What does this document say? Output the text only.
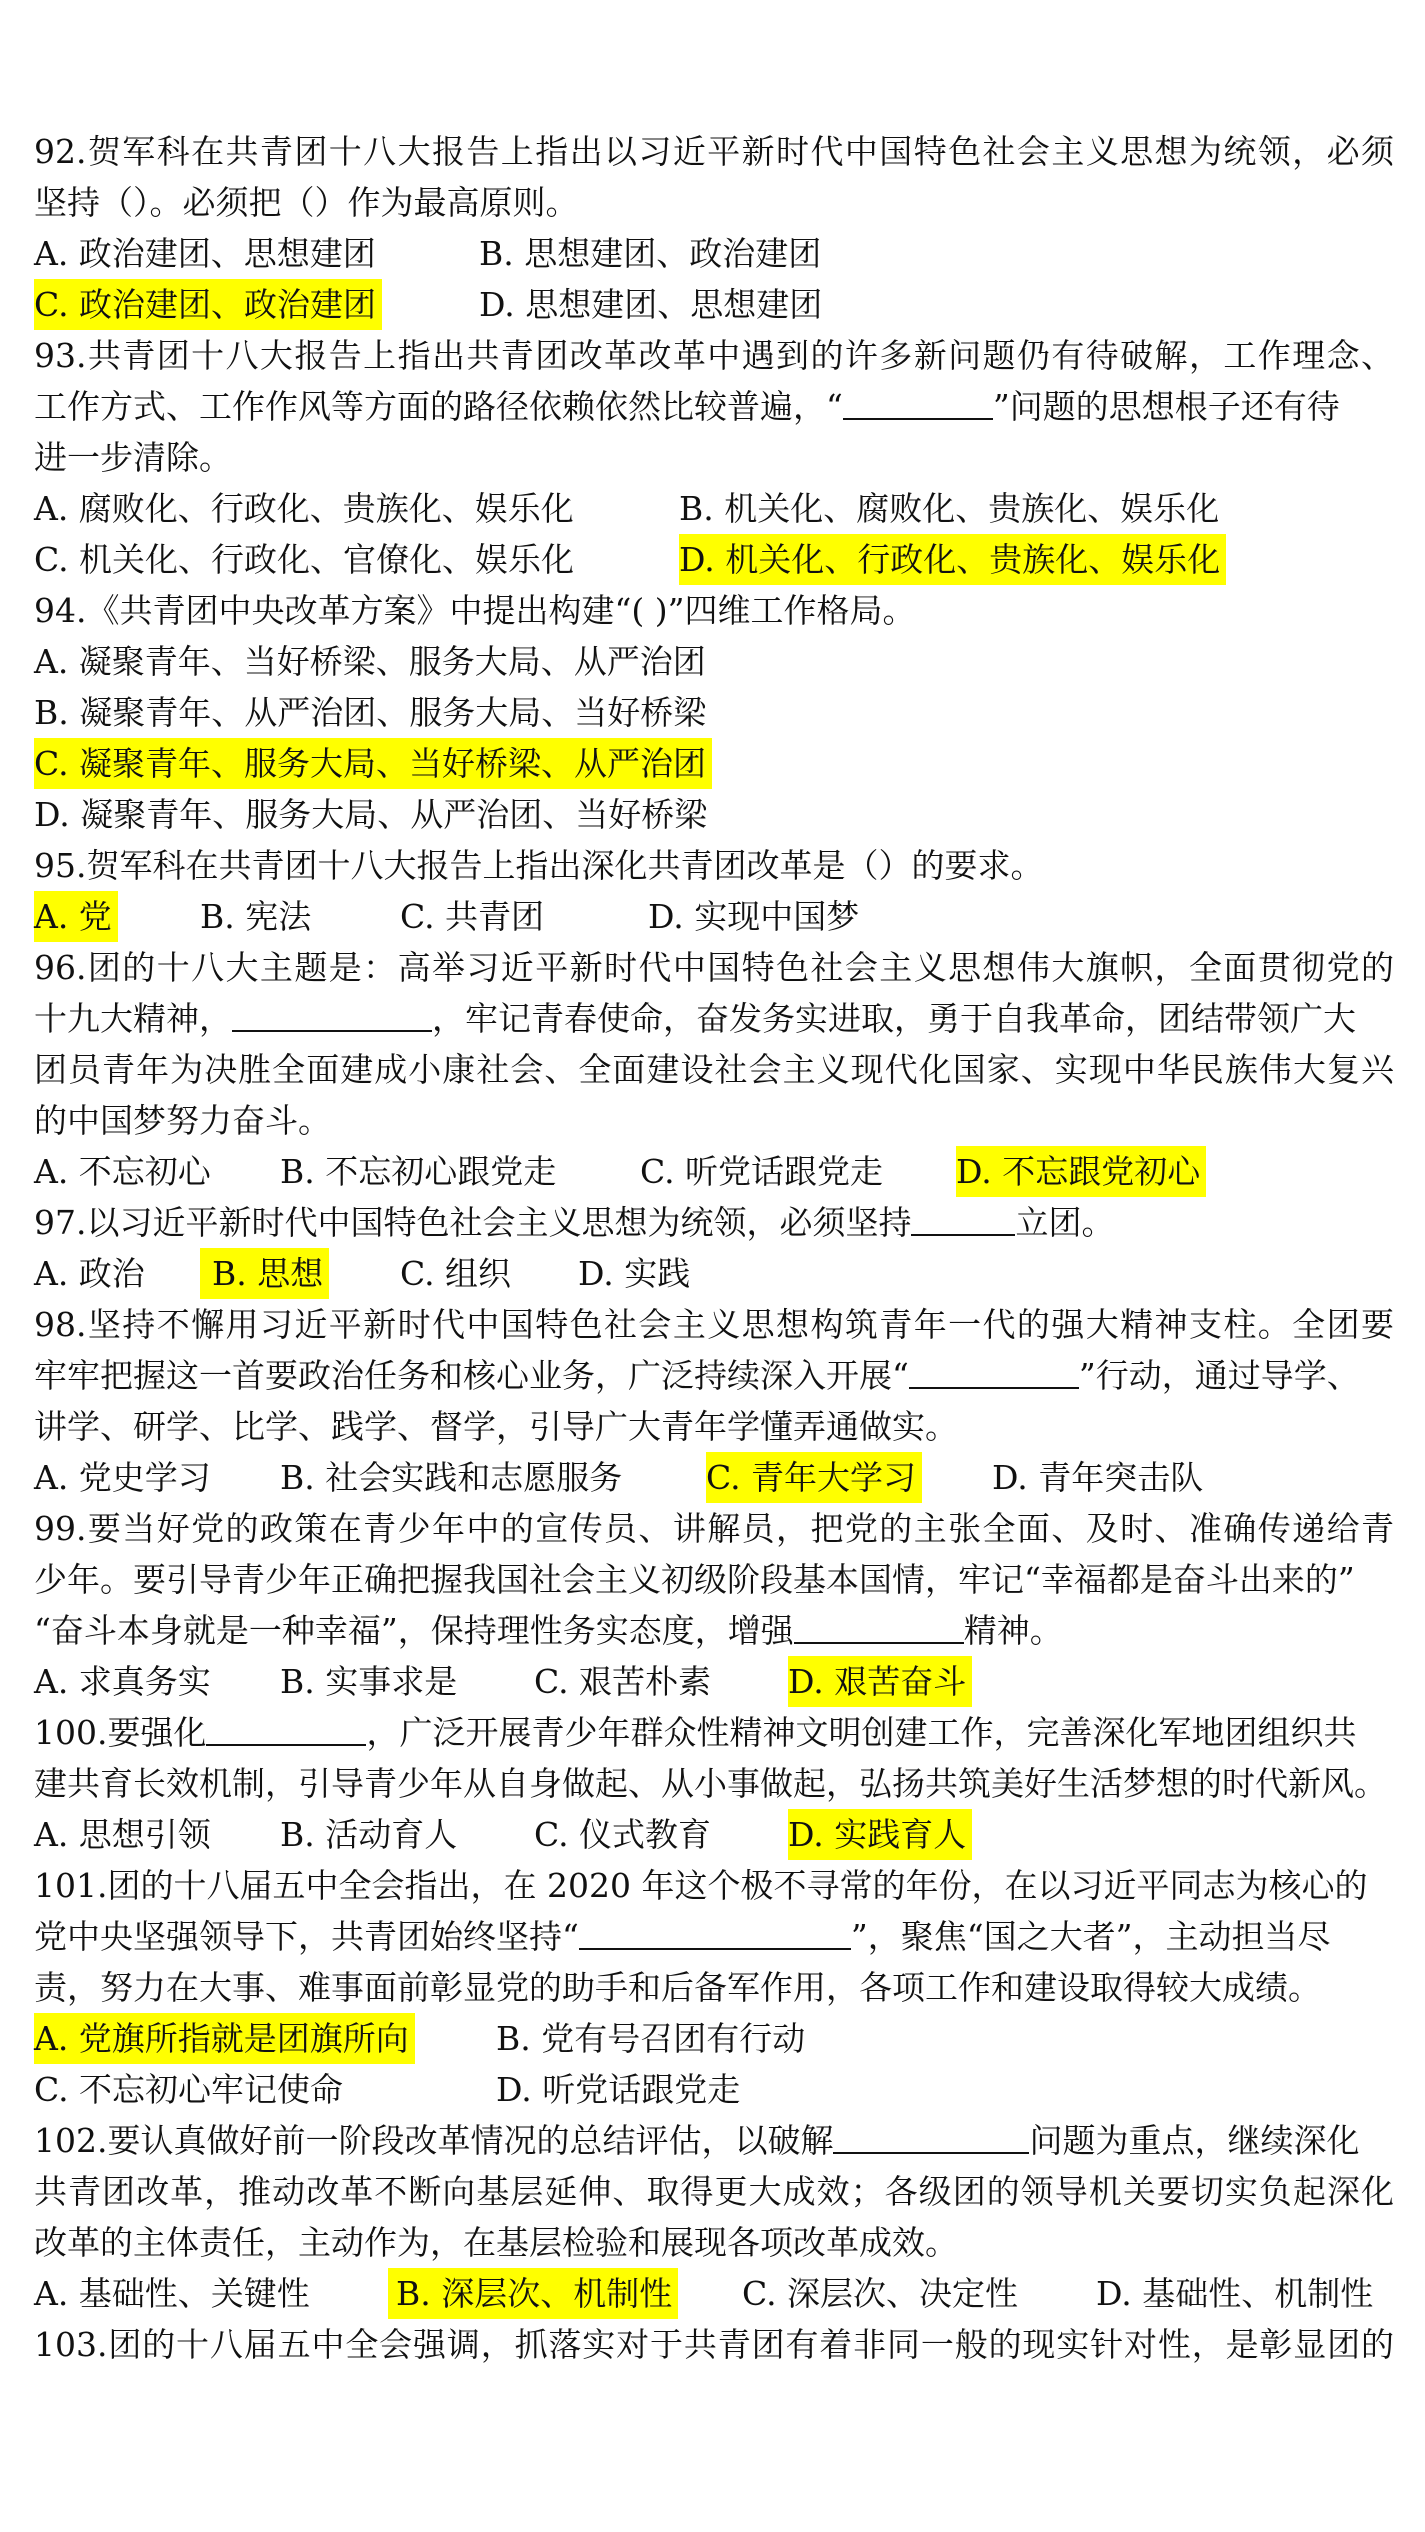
92.贺军科在共青团十八大报告上指出以习近平新时代中国特色社会主义思想为统领，必须
坚持（）。必须把（）作为最高原则。
A. 政治建团、思想建团	B. 思想建团、政治建团
C. 政治建团、政治建团	D. 思想建团、思想建团
93.共青团十八大报告上指出共青团改革改革中遇到的许多新问题仍有待破解，工作理念、
工作方式、工作作风等方面的路径依赖依然比较普遍，“	”问题的思想根子还有待
进一步清除。
A. 腐败化、行政化、贵族化、娱乐化	B. 机关化、腐败化、贵族化、娱乐化
C. 机关化、行政化、官僚化、娱乐化	D. 机关化、行政化、贵族化、娱乐化
94.《共青团中央改革方案》中提出构建“( )”四维工作格局。
A. 凝聚青年、当好桥梁、服务大局、从严治团
B. 凝聚青年、从严治团、服务大局、当好桥梁
C. 凝聚青年、服务大局、当好桥梁、从严治团
D. 凝聚青年、服务大局、从严治团、当好桥梁
95.贺军科在共青团十八大报告上指出深化共青团改革是（）的要求。
A. 党	B. 宪法	C. 共青团	D. 实现中国梦
96.团的十八大主题是：高举习近平新时代中国特色社会主义思想伟大旗帜，全面贯彻党的
十九大精神，	，牢记青春使命，奋发务实进取，勇于自我革命，团结带领广大
团员青年为决胜全面建成小康社会、全面建设社会主义现代化国家、实现中华民族伟大复兴
的中国梦努力奋斗。
A. 不忘初心 B. 不忘初心跟党走	C. 听党话跟党走 D. 不忘跟党初心
97.以习近平新时代中国特色社会主义思想为统领，必须坚持	立团。
A. 政治	B. 思想 C. 组织 D. 实践
98.坚持不懈用习近平新时代中国特色社会主义思想构筑青年一代的强大精神支柱。全团要
牢牢把握这一首要政治任务和核心业务，广泛持续深入开展“	”行动，通过导学、
讲学、研学、比学、践学、督学，引导广大青年学懂弄通做实。
A. 党史学习 B. 社会实践和志愿服务	C. 青年大学习 D. 青年突击队
99.要当好党的政策在青少年中的宣传员、讲解员，把党的主张全面、及时、准确传递给青
少年。要引导青少年正确把握我国社会主义初级阶段基本国情，牢记“幸福都是奋斗出来的”
“奋斗本身就是一种幸福”，保持理性务实态度，增强	精神。
A. 求真务实 B. 实事求是 C. 艰苦朴素 D. 艰苦奋斗
100.要强化	，广泛开展青少年群众性精神文明创建工作，完善深化军地团组织共
建共育长效机制，引导青少年从自身做起、从小事做起，弘扬共筑美好生活梦想的时代新风。
A. 思想引领 B. 活动育人 C. 仪式教育 D. 实践育人
101.团的十八届五中全会指出，在 2020 年这个极不寻常的年份，在以习近平同志为核心的
党中央坚强领导下，共青团始终坚持“	”，聚焦“国之大者”，主动担当尽
责，努力在大事、难事面前彰显党的助手和后备军作用，各项工作和建设取得较大成绩。
A. 党旗所指就是团旗所向	B. 党有号召团有行动
C. 不忘初心牢记使命	D. 听党话跟党走
102.要认真做好前一阶段改革情况的总结评估，以破解	问题为重点，继续深化
共青团改革，推动改革不断向基层延伸、取得更大成效；各级团的领导机关要切实负起深化
改革的主体责任，主动作为，在基层检验和展现各项改革成效。
A. 基础性、关键性	B. 深层次、机制性 C. 深层次、决定性 D. 基础性、机制性
103.团的十八届五中全会强调，抓落实对于共青团有着非同一般的现实针对性，是彰显团的
